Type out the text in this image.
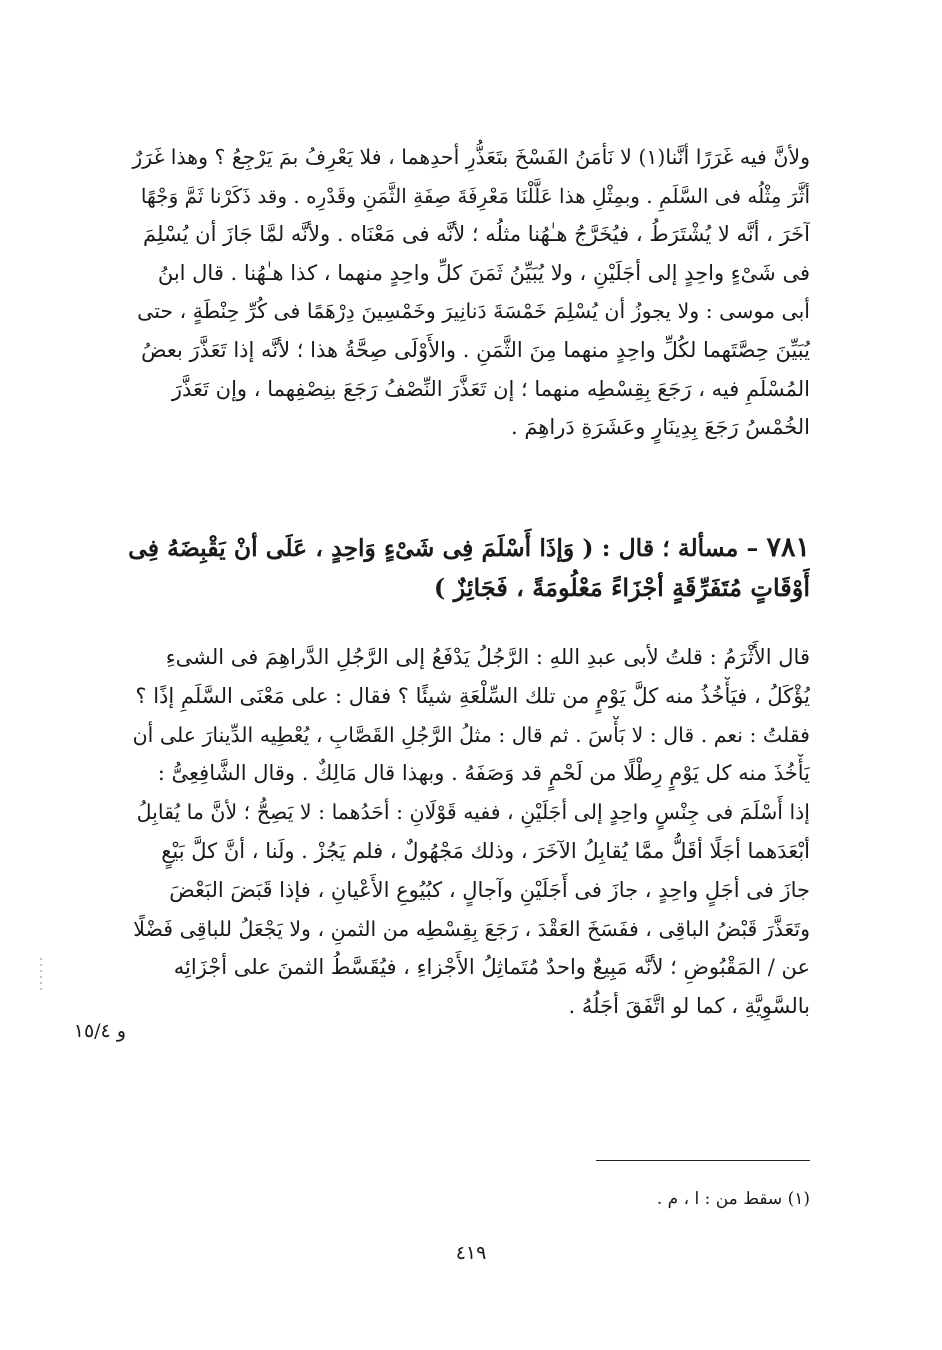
ولأنَّ فيه غَرَرًا أنَّنا(١) لا نَأمَنُ الفَسْخَ بتَعَذُّرِ أحدِهما ، فلا يَعْرِفُ بمَ يَرْجِعُ ؟ وهذا غَرَرٌ
أثَّرَ مِثْلُه فى السَّلَمِ . وبمِثْلِ هذا عَلَّلْنَا مَعْرِفَةَ صِفَةِ الثَّمَنِ وقَدْرِه . وقد ذَكَرْنا ثَمَّ وَجْهًا
آخَرَ ، أنَّه لا يُشْتَرَطُ ، فيُخَرَّجُ هـٰهُنا مثلُه ؛ لأنَّه فى مَعْنَاه . ولأنَّه لمَّا جَازَ أن يُسْلِمَ
فى شَىْءٍ واحِدٍ إلى أجَلَيْنِ ، ولا يُبَيِّنُ ثَمَنَ كلِّ واحِدٍ منهما ، كذا هـٰهُنا . قال ابنُ
أبى موسى : ولا يجوزُ أن يُسْلِمَ خَمْسَةَ دَنانِيرَ وخَمْسِينَ دِرْهَمًا فى كُرِّ حِنْطَةٍ ، حتى
يُبَيِّنَ حِصَّتَهما لكُلِّ واحِدٍ منهما مِنَ الثَّمَنِ . والأَوْلَى صِحَّةُ هذا ؛ لأنَّه إذا تَعَذَّرَ بعضُ
المُسْلَمِ فيه ، رَجَعَ بِقِسْطِه منهما ؛ إن تَعَذَّرَ النِّصْفُ رَجَعَ بنِصْفِهما ، وإن تَعَذَّرَ
الخُمْسُ رَجَعَ بِدِينَارٍ وعَشَرَةِ دَراهِمَ .
٧٨١ – مسألة ؛ قال : ( وَإذَا أَسْلَمَ فِى شَىْءٍ وَاحِدٍ ، عَلَى أنْ يَقْبِضَهُ فِى
أَوْقَاتٍ مُتَفَرِّقَةٍ أجْزَاءً مَعْلُومَةً ، فَجَائِزٌ )
قال الأَثْرَمُ : قلتُ لأبى عبدِ اللهِ : الرَّجُلُ يَدْفَعُ إلى الرَّجُلِ الدَّراهِمَ فى الشىءِ
يُؤْكَلُ ، فيَأْخُذُ منه كلَّ يَوْمٍ من تلك السِّلْعَةِ شيئًا ؟ فقال : على مَعْنَى السَّلَمِ إذًا ؟
فقلتُ : نعم . قال : لا بَأْسَ . ثم قال : مثلُ الرَّجُلِ القَصَّابِ ، يُعْطِيه الدِّينارَ على أن
يَأْخُذَ منه كل يَوْمٍ رِطْلًا من لَحْمٍ قد وَصَفَهُ . وبهذا قال مَالِكٌ . وقال الشَّافِعِىُّ :
إذا أَسْلَمَ فى جِنْسٍ واحِدٍ إلى أجَلَيْنِ ، ففيه قَوْلَانِ : أحَدُهما : لا يَصِحُّ ؛ لأنَّ ما يُقابِلُ
أبْعَدَهما أجَلًا أقَلُّ ممَّا يُقابِلُ الآخَرَ ، وذلك مَجْهُولٌ ، فلم يَجُزْ . ولَنا ، أنَّ كلَّ بَيْعٍ
جازَ فى أجَلٍ واحِدٍ ، جازَ فى أَجَلَيْنِ وآجالٍ ، كبُيُوعِ الأَعْيانِ ، فإذا قَبَضَ البَعْضَ
وتَعَذَّرَ قَبْضُ الباقِى ، ففَسَخَ العَقْدَ ، رَجَعَ بِقِسْطِه من الثمنِ ، ولا يَجْعَلُ للباقِى فَضْلًا
عن / المَقْبُوضِ ؛ لأنَّه مَبِيعٌ واحدٌ مُتَماثِلُ الأَجْزاءِ ، فيُقَسَّطُ الثمنَ على أجْزَائِه
بالسَّوِيَّةِ ، كما لو اتَّفَقَ أجَلُهُ .
و ١٥/٤
(١) سقط من : ا ، م .
٤١٩
